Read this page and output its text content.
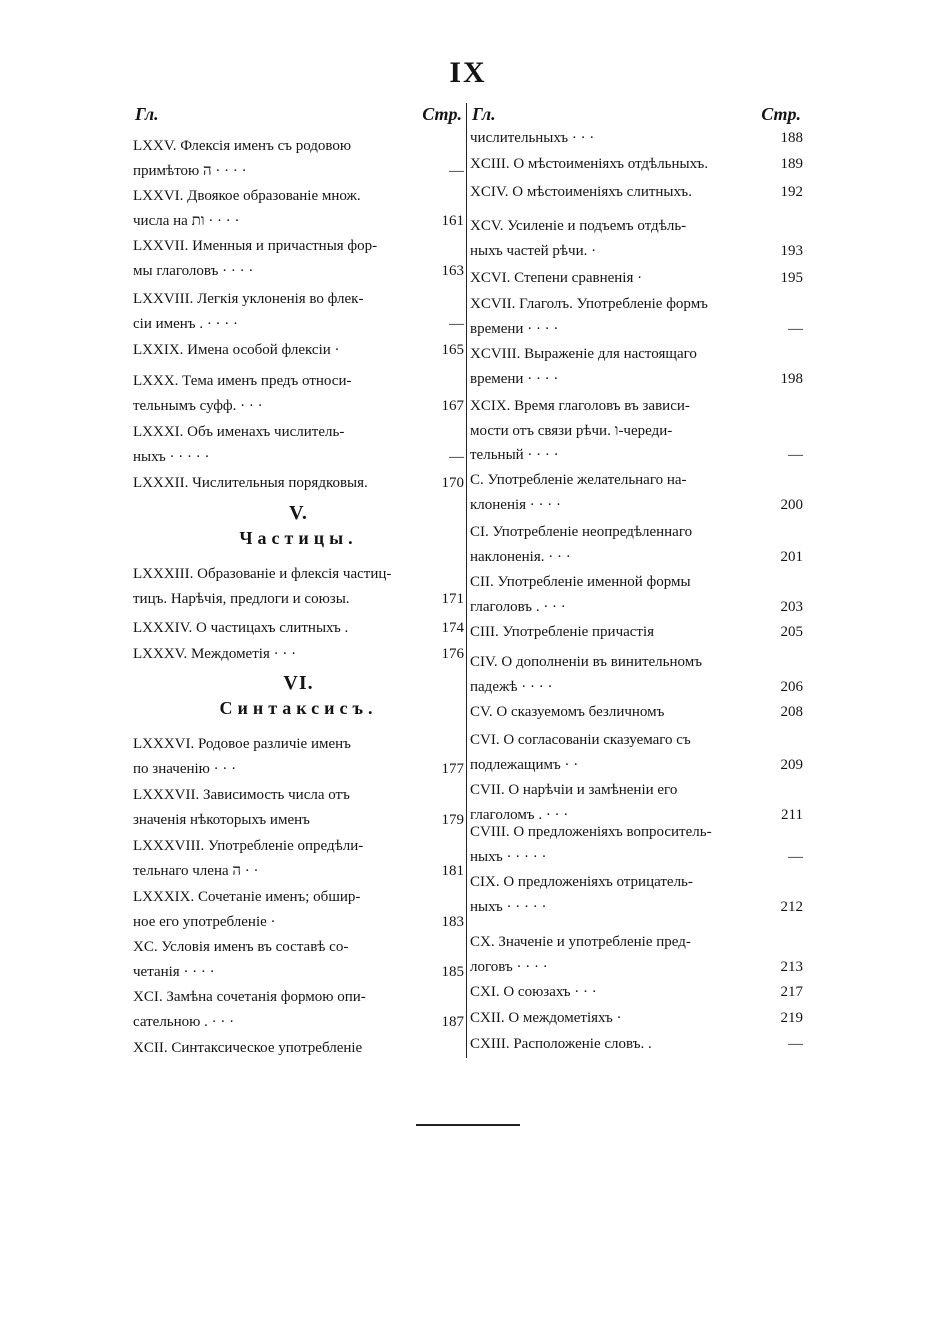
IX
Гл.	Стр.
LXXV. Флексія именъ съ родовою
примѣтою ה · · · ·	—
LXXVI. Двоякое образованіе множ.
числа на ות · · · ·	161
LXXVII. Именныя и причастныя фор-
мы глаголовъ · · · ·	163
LXXVIII. Легкія уклоненія во флек-
сіи именъ . · · · ·	—
LXXIX. Имена особой флексіи ·	165
LXXX. Тема именъ предъ относи-
тельнымъ суфф. · · ·	167
LXXXI. Объ именахъ числитель-
ныхъ · · · · ·	—
LXXXII. Числительныя порядковыя.	170
V.
Частицы.
LXXXIII. Образованіе и флексія частиц-
тицъ. Нарѣчія, предлоги и союзы.	171
LXXXIV. О частицахъ слитныхъ .	174
LXXXV. Междометія · · ·	176
VI.
Синтаксисъ.
LXXXVI. Родовое различіе именъ
по значенію · · ·	177
LXXXVII. Зависимость числа отъ
значенія нѣкоторыхъ именъ	179
LXXXVIII. Употребленіе опредѣли-
тельнаго члена ה · ·	181
LXXXIX. Сочетаніе именъ; обшир-
ное его употребленіе ·	183
XC. Условія именъ въ составѣ со-
четанія · · · ·	185
XCI. Замѣна сочетанія формою опи-
сательною . · · ·	187
XCII. Синтаксическое употребленіе
Гл.	Стр.
числительныхъ · · ·	188
XCIII. О мѣстоименіяхъ отдѣльныхъ.	189
XCIV. О мѣстоименіяхъ слитныхъ.	192
XCV. Усиленіе и подъемъ отдѣль-
ныхъ частей рѣчи. ·	193
XCVI. Степени сравненія ·	195
XCVII. Глаголъ. Употребленіе формъ
времени · · · ·	—
XCVIII. Выраженіе для настоящаго
времени · · · ·	198
XCIX. Время глаголовъ въ зависи-
мости отъ связи рѣчи. ו-череди-
тельный · · · ·	—
C. Употребленіе желательнаго на-
клоненія · · · ·	200
CI. Употребленіе неопредѣленнаго
наклоненія. · · ·	201
CII. Употребленіе именной формы
глаголовъ . · · ·	203
CIII. Употребленіе причастія	205
CIV. О дополненіи въ винительномъ
падежѣ · · · ·	206
CV. О сказуемомъ безличномъ	208
CVI. О согласованіи сказуемаго съ
подлежащимъ · ·	209
CVII. О нарѣчіи и замѣненіи его
глаголомъ . · · ·	211
CVIII. О предложеніяхъ вопроситель-
ныхъ · · · · ·	—
CIX. О предложеніяхъ отрицатель-
ныхъ · · · · ·	212
CX. Значеніе и употребленіе пред-
логовъ · · · ·	213
CXI. О союзахъ · · ·	217
CXII. О междометіяхъ ·	219
CXIII. Расположеніе словъ. .	—
